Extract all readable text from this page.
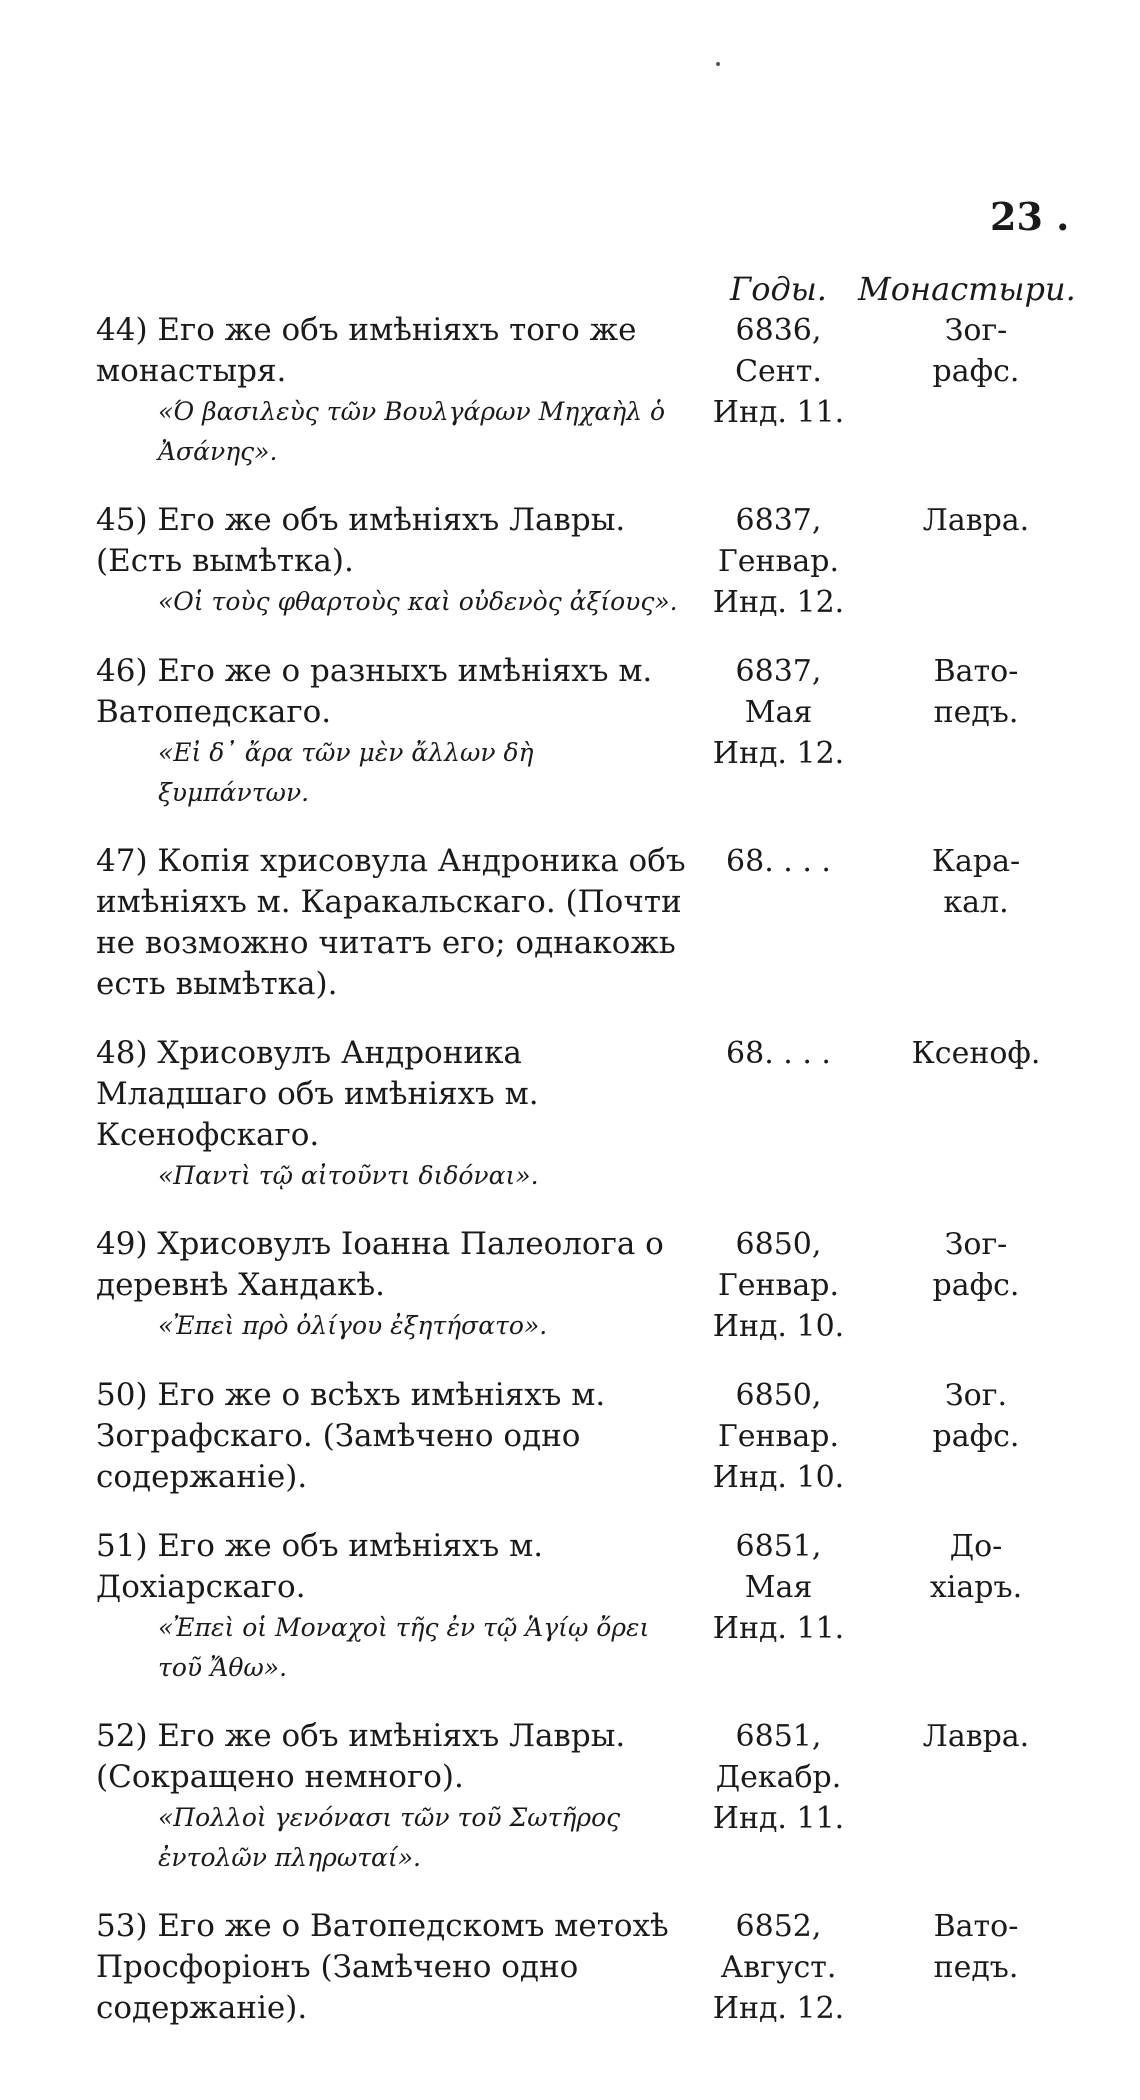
23 .
Годы. Монастыри.
44) Его же объ имѣніяхъ того же монастыря.
«Ό βασιλεὺς τῶν Βουλγάρων Μηχαὴλ ὁ Ἀσάνης».
6836,
Сент.
Инд. 11.
Зог-
рафс.
45) Его же объ имѣніяхъ Лавры. (Есть вымѣтка).
«Οἱ τοὺς φθαρτοὺς καὶ οὐδενὸς ἀξίους».
6837,
Генвар.
Инд. 12.
Лавра.
46) Его же о разныхъ имѣніяхъ м. Ватопедскаго.
«Εἰ δ᾽ ἄρα τῶν μὲν ἄλλων δὴ ξυμπάντων.
6837,
Мая
Инд. 12.
Вато-
педъ.
47) Копія хрисовула Андроника объ имѣніяхъ м. Каракальскаго. (Почти не возможно читатъ его; однакожь есть вымѣтка).
68. . . .	Кара-
кал.
48) Хрисовулъ Андроника Младшаго объ имѣніяхъ м. Ксенофскаго.
«Παντὶ τῷ αἰτοῦντι διδόναι».
68. . . .	Ксеноф.
49) Хрисовулъ Іоанна Палеолога о деревнѣ Хандакѣ.
«Ἐπεὶ πρὸ ὀλίγου ἐξητήσατο».
6850,
Генвар.
Инд. 10.
Зог-
рафс.
50) Его же о всѣхъ имѣніяхъ м. Зографскаго. (Замѣчено одно содержаніе).
6850,
Генвар.
Инд. 10.
Зог.
рафс.
51) Его же объ имѣніяхъ м. Дохіарскаго.
«Ἐπεὶ οἱ Μοναχοὶ τῆς ἐν τῷ Ἁγίῳ ὄρει τοῦ Ἄθω».
6851,
Мая
Инд. 11.
До-
хіаръ.
52) Его же объ имѣніяхъ Лавры. (Сокращено немного).
«Πολλοὶ γενόνασι τῶν τοῦ Σωτῆρος ἐντολῶν πληρωταί».
6851,
Декабр.
Инд. 11.
Лавра.
53) Его же о Ватопедскомъ метохѣ Просфоріонъ (Замѣчено одно содержаніе).
6852,
Август.
Инд. 12.
Вато-
педъ.
